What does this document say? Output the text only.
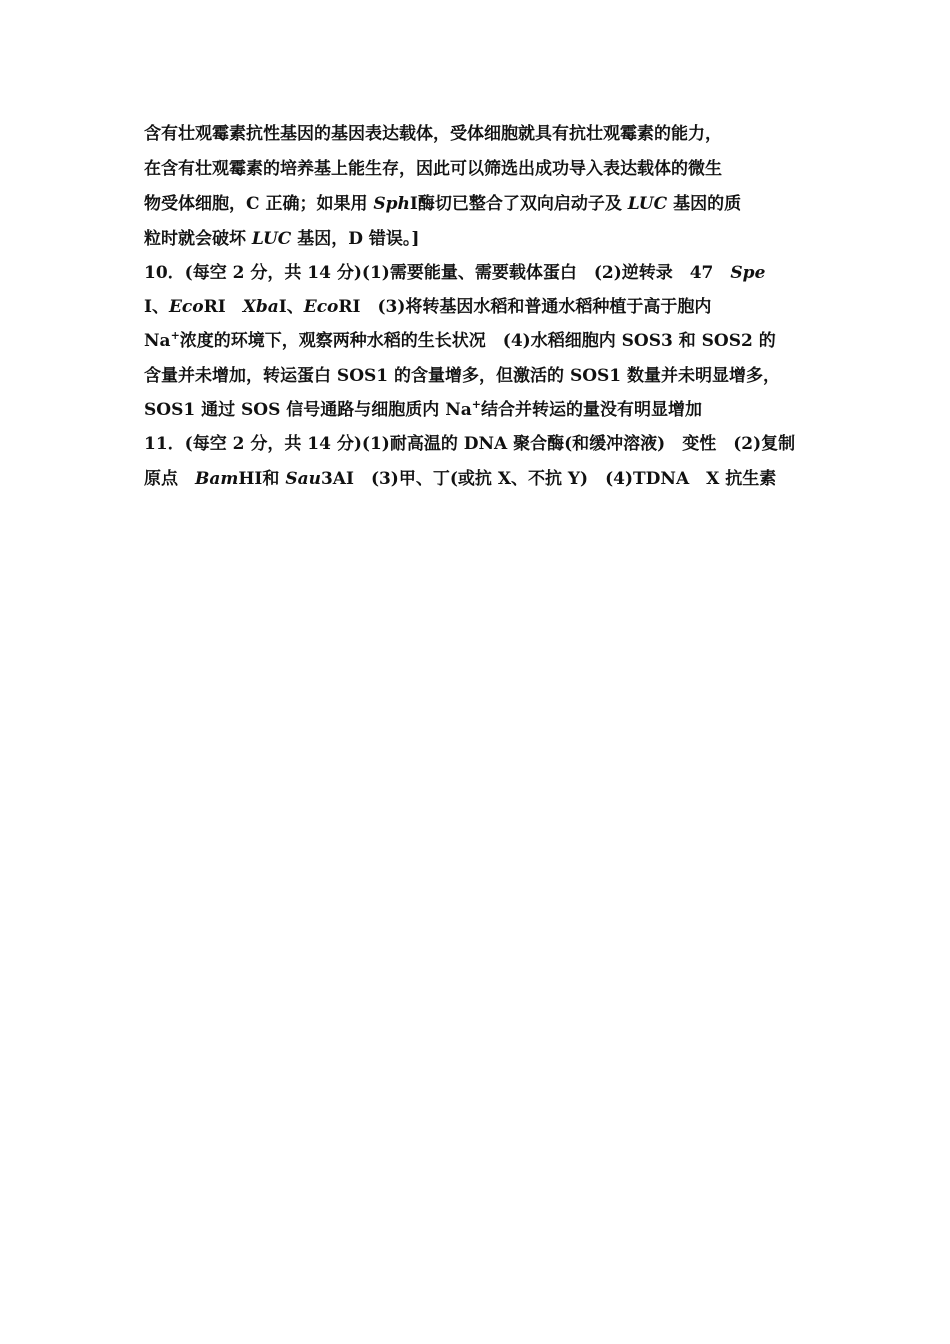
含有壮观霉素抗性基因的基因表达载体，受体细胞就具有抗壮观霉素的能力，
在含有壮观霉素的培养基上能生存，因此可以筛选出成功导入表达载体的微生
物受体细胞，C 正确；如果用 SphⅠ酶切已整合了双向启动子及 LUC 基因的质
粒时就会破坏 LUC 基因，D 错误。]
10．(每空 2 分，共 14 分)(1)需要能量、需要载体蛋白　(2)逆转录　47　Spe
Ⅰ、EcoRⅠ　XbaⅠ、EcoRⅠ　(3)将转基因水稻和普通水稻种植于高于胞内
Na+浓度的环境下，观察两种水稻的生长状况　(4)水稻细胞内 SOS3 和 SOS2 的
含量并未增加，转运蛋白 SOS1 的含量增多，但激活的 SOS1 数量并未明显增多，
SOS1 通过 SOS 信号通路与细胞质内 Na+结合并转运的量没有明显增加
11．(每空 2 分，共 14 分)(1)耐高温的 DNA 聚合酶(和缓冲溶液)　变性　(2)复制
原点　BamHⅠ和 Sau3AⅠ　(3)甲、丁(或抗 X、不抗 Y)　(4)TDNA　X 抗生素
